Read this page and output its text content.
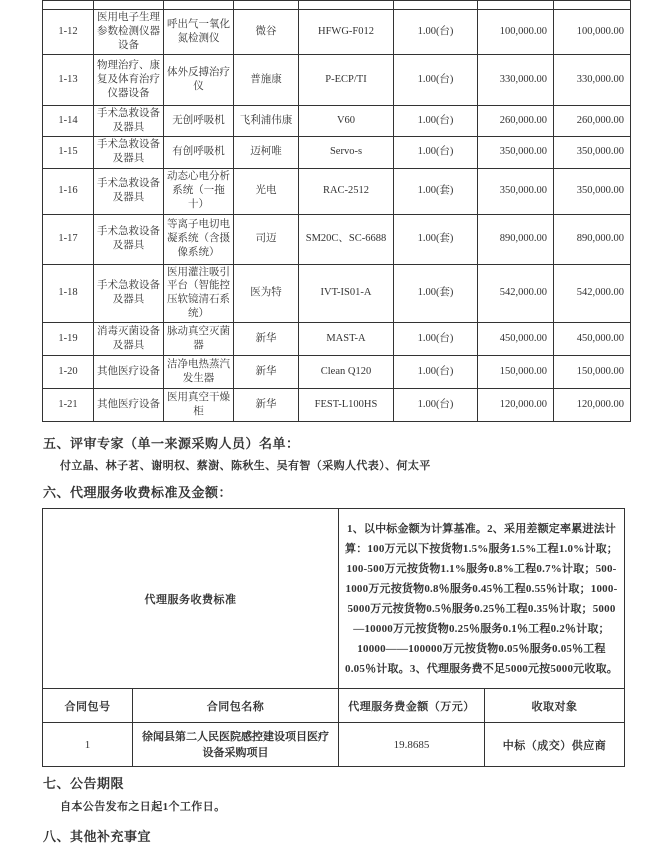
1-12	医用电子生理参数检测仪器设备	呼出气一氧化氮检测仪	微谷	HFWG-F012	1.00(台)	100,000.00	100,000.00
1-13	物理治疗、康复及体育治疗仪器设备	体外反搏治疗仪	普施康	P-ECP/TI	1.00(台)	330,000.00	330,000.00
1-14	手术急救设备及器具	无创呼吸机	飞利浦伟康	V60	1.00(台)	260,000.00	260,000.00
1-15	手术急救设备及器具	有创呼吸机	迈柯唯	Servo-s	1.00(台)	350,000.00	350,000.00
1-16	手术急救设备及器具	动态心电分析系统（一拖十）	光电	RAC-2512	1.00(套)	350,000.00	350,000.00
1-17	手术急救设备及器具	等离子电切电凝系统（含摄像系统）	司迈	SM20C、SC-6688	1.00(套)	890,000.00	890,000.00
1-18	手术急救设备及器具	医用灌注吸引平台（智能控压软镜清石系统）	医为特	IVT-IS01-A	1.00(套)	542,000.00	542,000.00
1-19	消毒灭菌设备及器具	脉动真空灭菌器	新华	MAST-A	1.00(台)	450,000.00	450,000.00
1-20	其他医疗设备	洁净电热蒸汽发生器	新华	Clean Q120	1.00(台)	150,000.00	150,000.00
1-21	其他医疗设备	医用真空干燥柜	新华	FEST-L100HS	1.00(台)	120,000.00	120,000.00
五、评审专家（单一来源采购人员）名单：

付立晶、林子茗、谢明权、蔡澍、陈秋生、吴有智（采购人代表）、何太平

六、代理服务收费标准及金额：
代理服务收费标准		1、以中标金额为计算基准。2、采用差额定率累进法计算：100万元以下按货物1.5%服务1.5%工程1.0%计取；100-500万元按货物1.1%服务0.8%工程0.7%计取；500-1000万元按货物0.8％服务0.45％工程0.55％计取；1000-5000万元按货物0.5％服务0.25％工程0.35％计取；5000—10000万元按货物0.25％服务0.1％工程0.2％计取；10000——100000万元按货物0.05％服务0.05％工程0.05％计取。3、代理服务费不足5000元按5000元收取。	
合同包号	合同包名称	代理服务费金额（万元）	收取对象
1	徐闻县第二人民医院感控建设项目医疗设备采购项目	19.8685	中标（成交）供应商
七、公告期限

自本公告发布之日起1个工作日。

八、其他补充事宜
